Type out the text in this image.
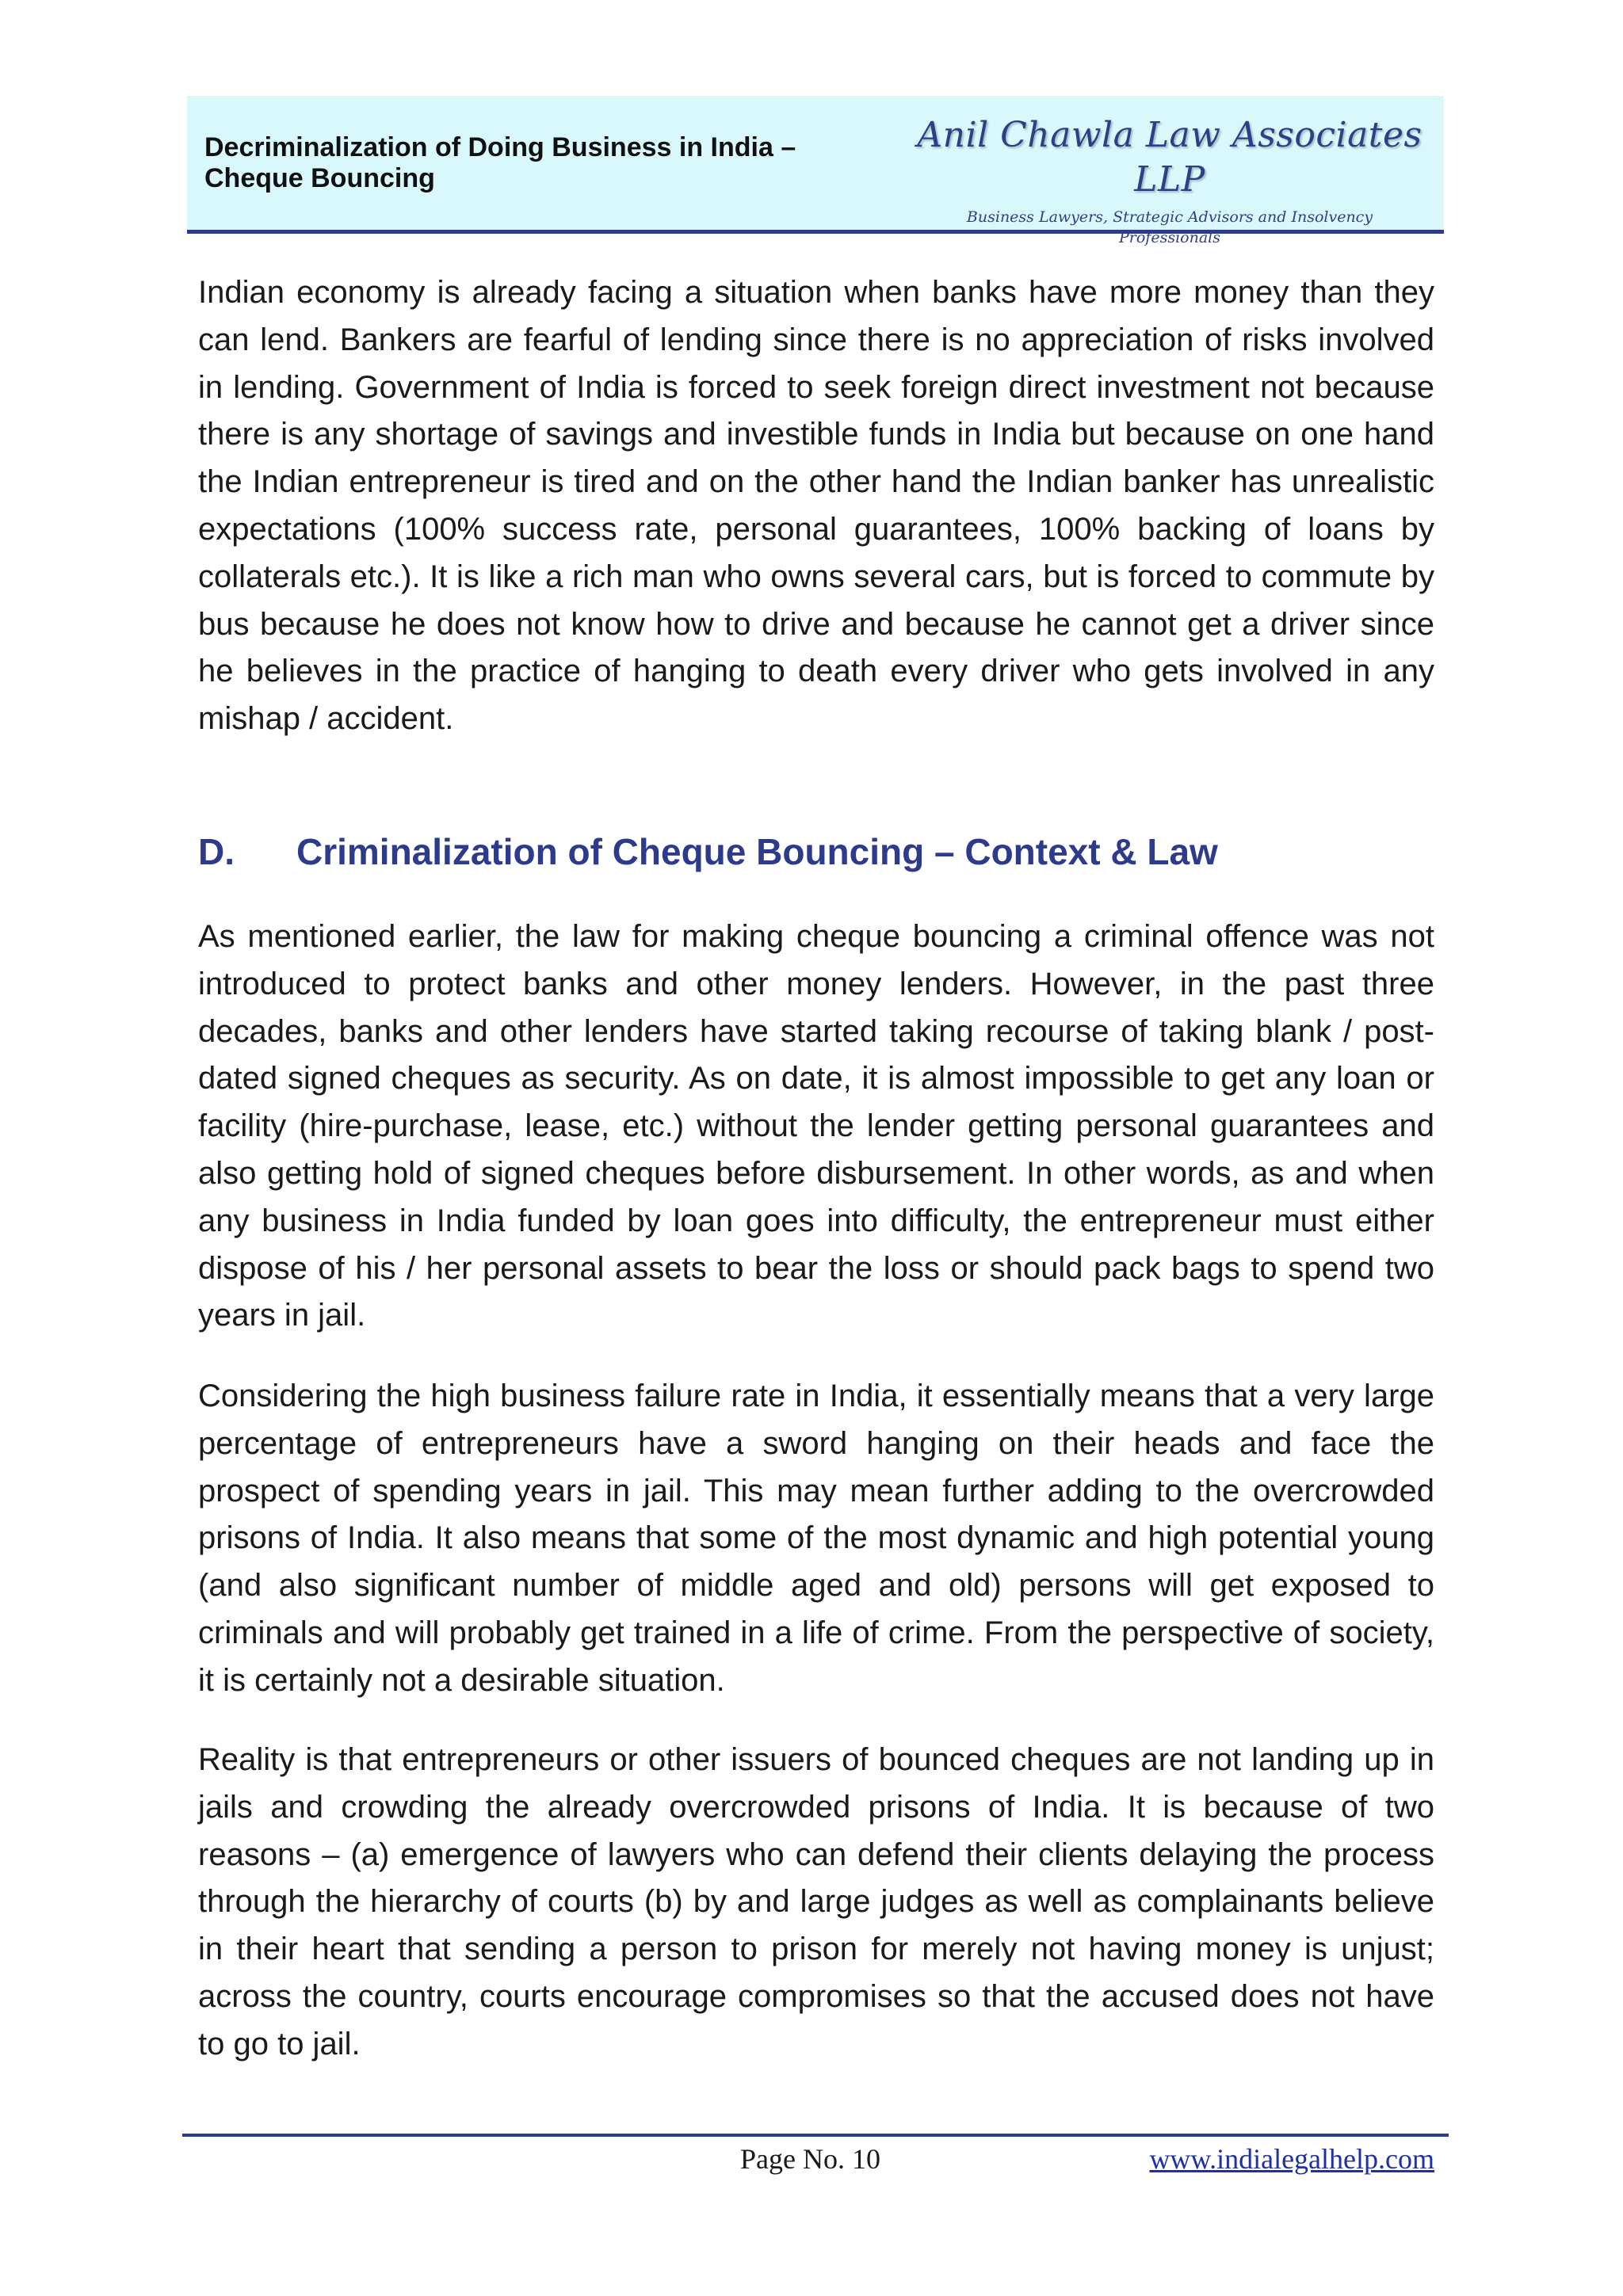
Decriminalization of Doing Business in India –
Cheque Bouncing
Anil Chawla Law Associates LLP
Business Lawyers, Strategic Advisors and Insolvency Professionals

Indian economy is already facing a situation when banks have more money than they can lend. Bankers are fearful of lending since there is no appreciation of risks involved in lending. Government of India is forced to seek foreign direct investment not because there is any shortage of savings and investible funds in India but because on one hand the Indian entrepreneur is tired and on the other hand the Indian banker has unrealistic expectations (100% success rate, personal guarantees, 100% backing of loans by collaterals etc.). It is like a rich man who owns several cars, but is forced to commute by bus because he does not know how to drive and because he cannot get a driver since he believes in the practice of hanging to death every driver who gets involved in any mishap / accident.

D. Criminalization of Cheque Bouncing – Context & Law

As mentioned earlier, the law for making cheque bouncing a criminal offence was not introduced to protect banks and other money lenders. However, in the past three decades, banks and other lenders have started taking recourse of taking blank / post-dated signed cheques as security. As on date, it is almost impossible to get any loan or facility (hire-purchase, lease, etc.) without the lender getting personal guarantees and also getting hold of signed cheques before disbursement. In other words, as and when any business in India funded by loan goes into difficulty, the entrepreneur must either dispose of his / her personal assets to bear the loss or should pack bags to spend two years in jail.

Considering the high business failure rate in India, it essentially means that a very large percentage of entrepreneurs have a sword hanging on their heads and face the prospect of spending years in jail. This may mean further adding to the overcrowded prisons of India. It also means that some of the most dynamic and high potential young (and also significant number of middle aged and old) persons will get exposed to criminals and will probably get trained in a life of crime. From the perspective of society, it is certainly not a desirable situation.

Reality is that entrepreneurs or other issuers of bounced cheques are not landing up in jails and crowding the already overcrowded prisons of India. It is because of two reasons – (a) emergence of lawyers who can defend their clients delaying the process through the hierarchy of courts (b) by and large judges as well as complainants believe in their heart that sending a person to prison for merely not having money is unjust; across the country, courts encourage compromises so that the accused does not have to go to jail.

Page No. 10	www.indialegalhelp.com
